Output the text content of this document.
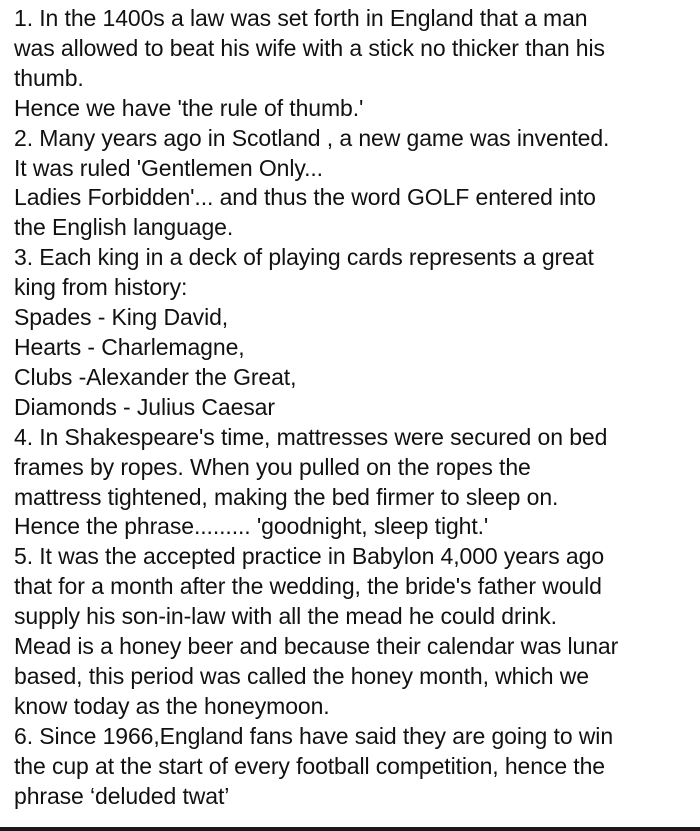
1. In the 1400s a law was set forth in England that a man
was allowed to beat his wife with a stick no thicker than his
thumb.
Hence we have 'the rule of thumb.'
2. Many years ago in Scotland , a new game was invented.
It was ruled 'Gentlemen Only...
Ladies Forbidden'... and thus the word GOLF entered into
the English language.
3. Each king in a deck of playing cards represents a great
king from history:
Spades - King David,
Hearts - Charlemagne,
Clubs -Alexander the Great,
Diamonds - Julius Caesar
4. In Shakespeare's time, mattresses were secured on bed
frames by ropes. When you pulled on the ropes the
mattress tightened, making the bed firmer to sleep on.
Hence the phrase......... 'goodnight, sleep tight.'
5. It was the accepted practice in Babylon 4,000 years ago
that for a month after the wedding, the bride's father would
supply his son-in-law with all the mead he could drink.
Mead is a honey beer and because their calendar was lunar
based, this period was called the honey month, which we
know today as the honeymoon.
6. Since 1966,England fans have said they are going to win
the cup at the start of every football competition, hence the
phrase ‘deluded twat’
